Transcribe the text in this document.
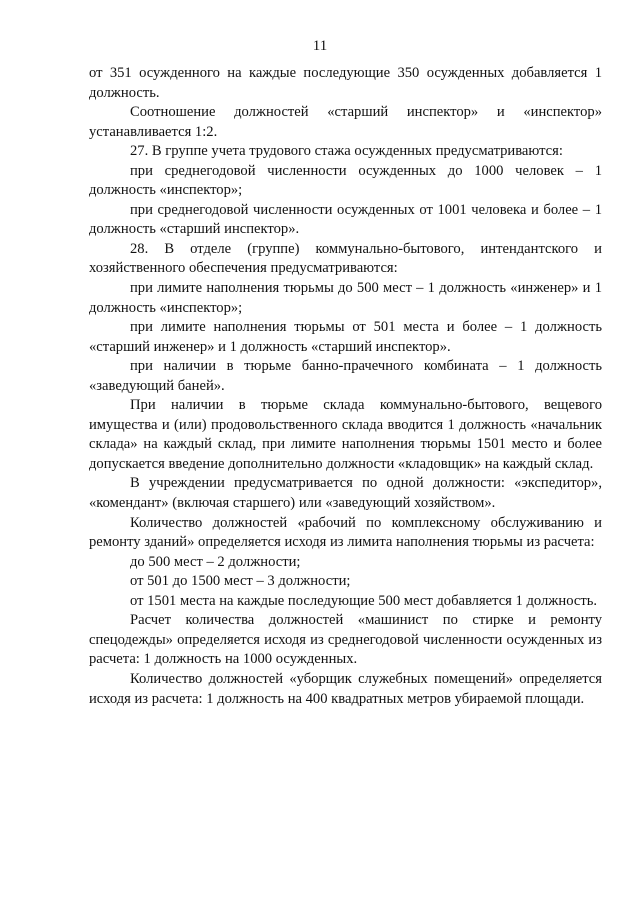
11

от 351 осужденного на каждые последующие 350 осужденных добавляется 1 должность.

Соотношение должностей «старший инспектор» и «инспектор» устанавливается 1:2.

27. В группе учета трудового стажа осужденных предусматриваются:

при среднегодовой численности осужденных до 1000 человек – 1 должность «инспектор»;

при среднегодовой численности осужденных от 1001 человека и более – 1 должность «старший инспектор».

28. В отделе (группе) коммунально-бытового, интендантского и хозяйственного обеспечения предусматриваются:

при лимите наполнения тюрьмы до 500 мест – 1 должность «инженер» и 1 должность «инспектор»;

при лимите наполнения тюрьмы от 501 места и более – 1 должность «старший инженер» и 1 должность «старший инспектор».

при наличии в тюрьме банно-прачечного комбината – 1 должность «заведующий баней».

При наличии в тюрьме склада коммунально-бытового, вещевого имущества и (или) продовольственного склада вводится 1 должность «начальник склада» на каждый склад, при лимите наполнения тюрьмы 1501 место и более допускается введение дополнительно должности «кладовщик» на каждый склад.

В учреждении предусматривается по одной должности: «экспедитор», «комендант» (включая старшего) или «заведующий хозяйством».

Количество должностей «рабочий по комплексному обслуживанию и ремонту зданий» определяется исходя из лимита наполнения тюрьмы из расчета:

до 500 мест – 2 должности;

от 501 до 1500 мест – 3 должности;

от 1501 места на каждые последующие 500 мест добавляется 1 должность.

Расчет количества должностей «машинист по стирке и ремонту спецодежды» определяется исходя из среднегодовой численности осужденных из расчета: 1 должность на 1000 осужденных.

Количество должностей «уборщик служебных помещений» определяется исходя из расчета: 1 должность на 400 квадратных метров убираемой площади.
